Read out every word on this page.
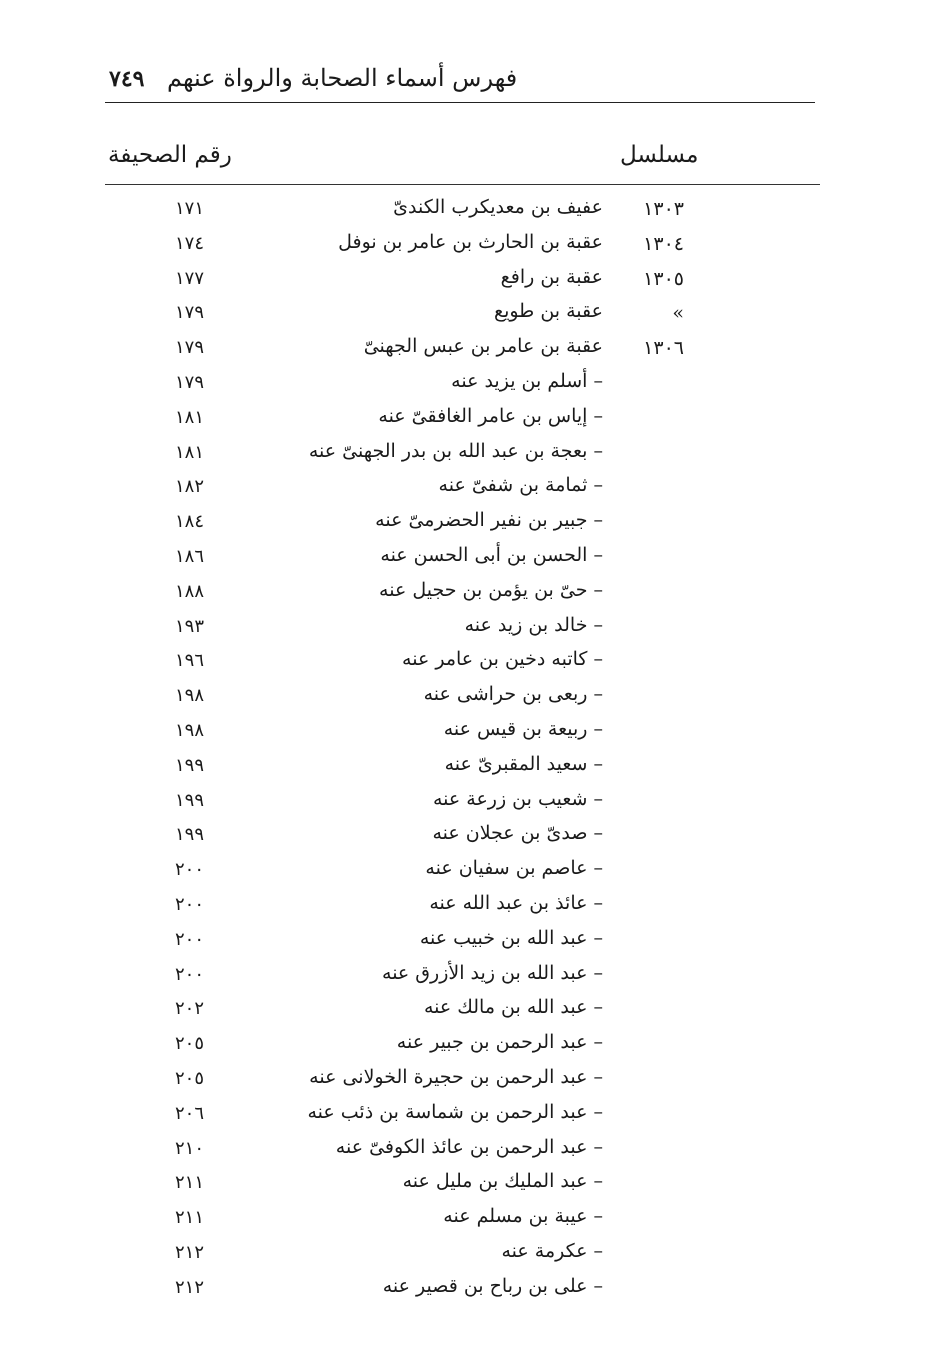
٧٤٩ فهرس أسماء الصحابة والرواة عنهم
مسلسل
رقم الصحيفة
١٣٠٣
عفيف بن معديكرب الكندىّ
١٧١
١٣٠٤
عقبة بن الحارث بن عامر بن نوفل
١٧٤
١٣٠٥
عقبة بن رافع
١٧٧
»
عقبة بن طويع
١٧٩
١٣٠٦
عقبة بن عامر بن عبس الجهنىّ
١٧٩
– أسلم بن يزيد عنه
١٧٩
– إياس بن عامر الغافقىّ عنه
١٨١
– بعجة بن عبد الله بن بدر الجهنىّ عنه
١٨١
– ثمامة بن شفىّ عنه
١٨٢
– جبير بن نفير الحضرمىّ عنه
١٨٤
– الحسن بن أبى الحسن عنه
١٨٦
– حىّ بن يؤمن بن حجيل عنه
١٨٨
– خالد بن زيد عنه
١٩٣
– كاتبه دخين بن عامر عنه
١٩٦
– ربعى بن حراشى عنه
١٩٨
– ربيعة بن قيس عنه
١٩٨
– سعيد المقبرىّ عنه
١٩٩
– شعيب بن زرعة عنه
١٩٩
– صدىّ بن عجلان عنه
١٩٩
– عاصم بن سفيان عنه
٢٠٠
– عائذ بن عبد الله عنه
٢٠٠
– عبد الله بن خبيب عنه
٢٠٠
– عبد الله بن زيد الأزرق عنه
٢٠٠
– عبد الله بن مالك عنه
٢٠٢
– عبد الرحمن بن جبير عنه
٢٠٥
– عبد الرحمن بن حجيرة الخولانى عنه
٢٠٥
– عبد الرحمن بن شماسة بن ذئب عنه
٢٠٦
– عبد الرحمن بن عائذ الكوفىّ عنه
٢١٠
– عبد المليك بن مليل عنه
٢١١
– عيبة بن مسلم عنه
٢١١
– عكرمة عنه
٢١٢
– على بن رباح بن قصير عنه
٢١٢
